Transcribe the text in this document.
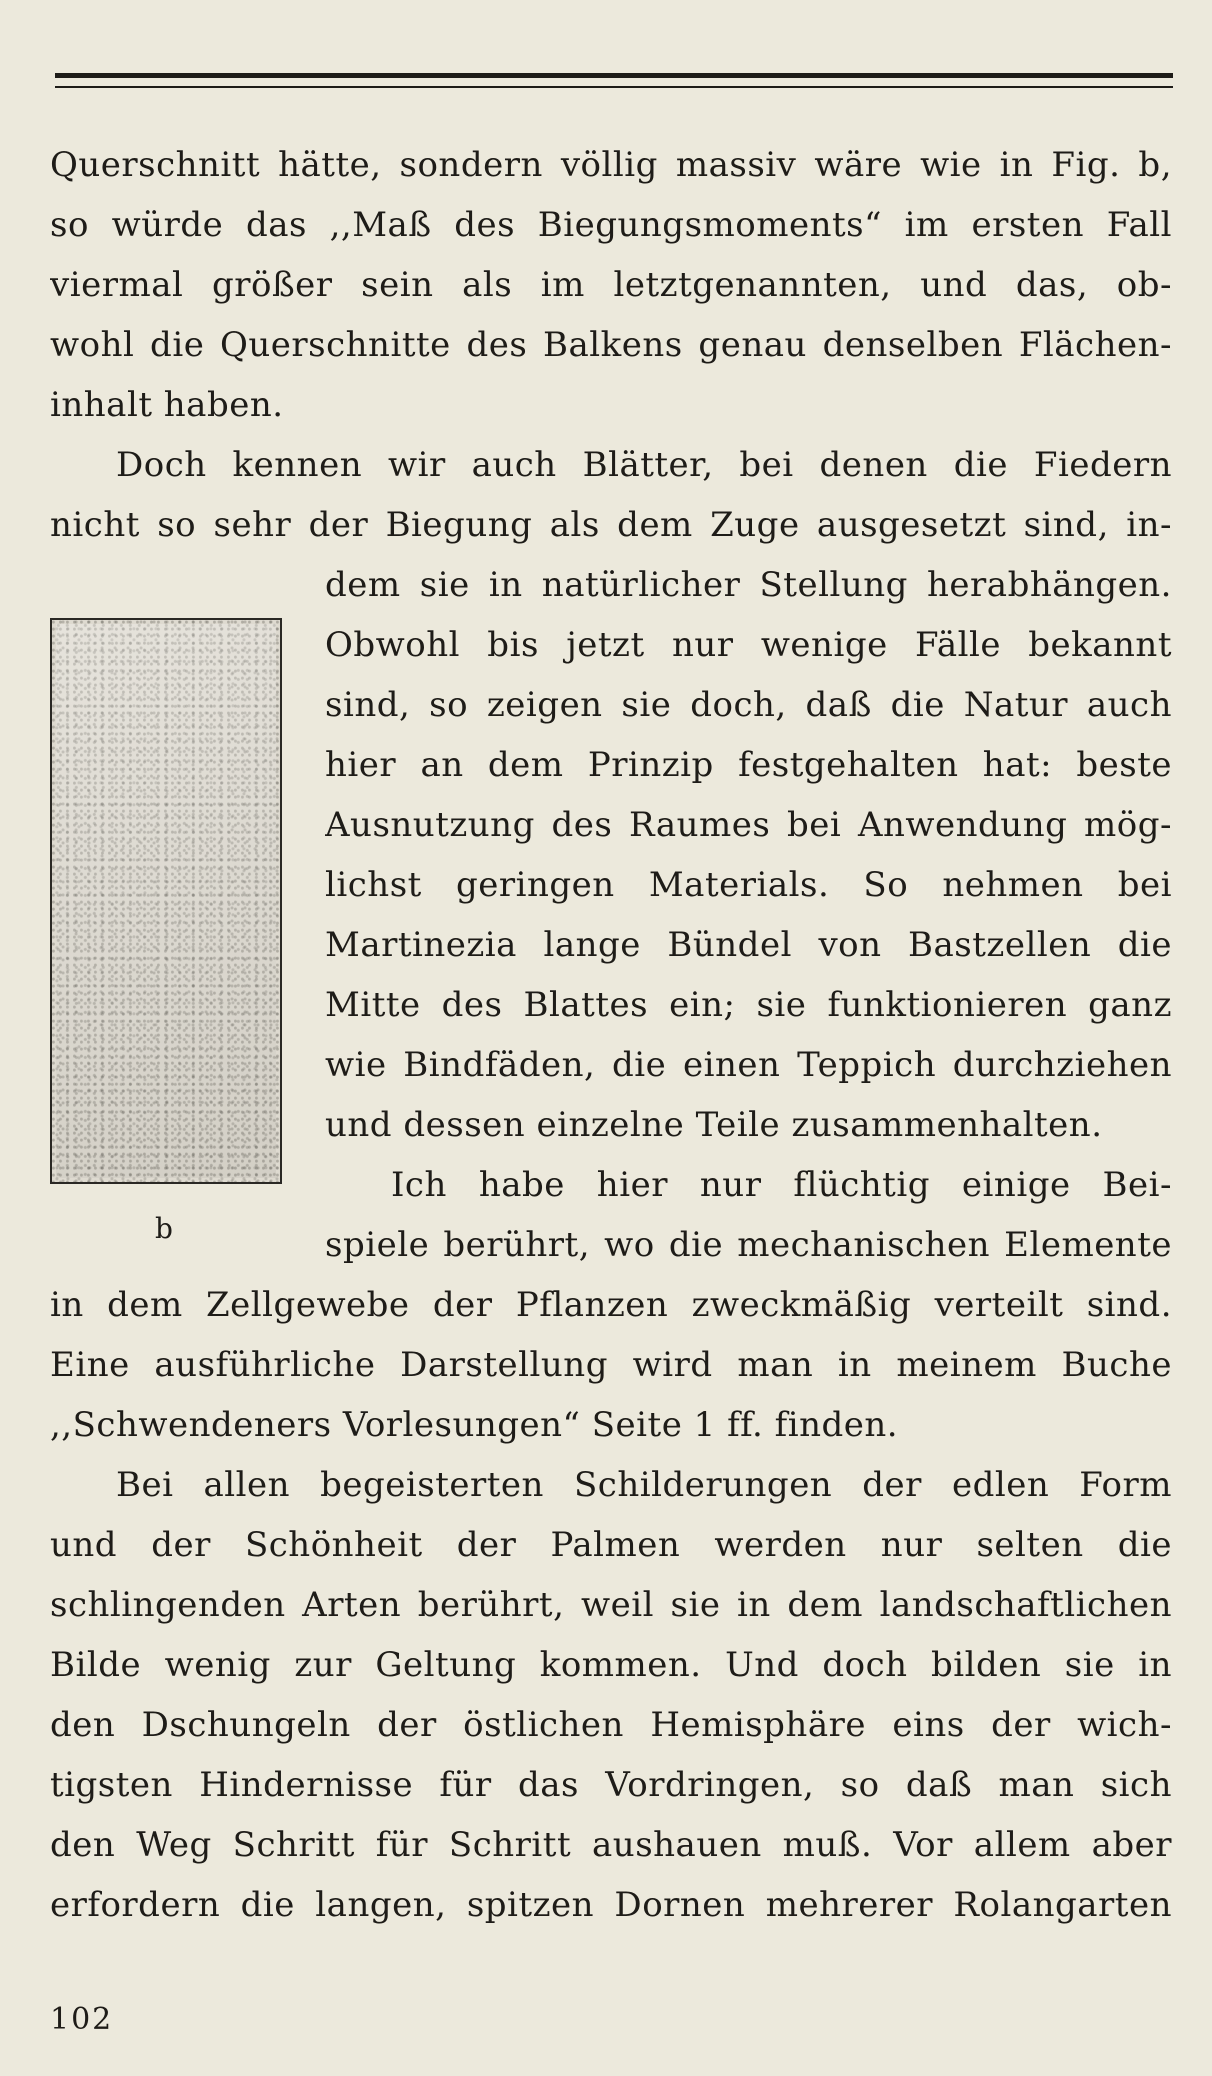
Querschnitt hätte, sondern völlig massiv wäre wie in Fig. b,
so würde das ,,Maß des Biegungsmoments“ im ersten Fall
viermal größer sein als im letztgenannten, und das, ob-
wohl die Querschnitte des Balkens genau denselben Flächen-
inhalt haben.
Doch kennen wir auch Blätter, bei denen die Fiedern
nicht so sehr der Biegung als dem Zuge ausgesetzt sind, in-
dem sie in natürlicher Stellung herabhängen.
Obwohl bis jetzt nur wenige Fälle bekannt
sind, so zeigen sie doch, daß die Natur auch
hier an dem Prinzip festgehalten hat: beste
Ausnutzung des Raumes bei Anwendung mög-
lichst geringen Materials. So nehmen bei
Martinezia lange Bündel von Bastzellen die
Mitte des Blattes ein; sie funktionieren ganz
wie Bindfäden, die einen Teppich durchziehen
und dessen einzelne Teile zusammenhalten.
Ich habe hier nur flüchtig einige Bei-
spiele berührt, wo die mechanischen Elemente
in dem Zellgewebe der Pflanzen zweckmäßig verteilt sind.
Eine ausführliche Darstellung wird man in meinem Buche
,,Schwendeners Vorlesungen“ Seite 1 ff. finden.
Bei allen begeisterten Schilderungen der edlen Form
und der Schönheit der Palmen werden nur selten die
schlingenden Arten berührt, weil sie in dem landschaftlichen
Bilde wenig zur Geltung kommen. Und doch bilden sie in
den Dschungeln der östlichen Hemisphäre eins der wich-
tigsten Hindernisse für das Vordringen, so daß man sich
den Weg Schritt für Schritt aushauen muß. Vor allem aber
erfordern die langen, spitzen Dornen mehrerer Rolangarten
b
102
